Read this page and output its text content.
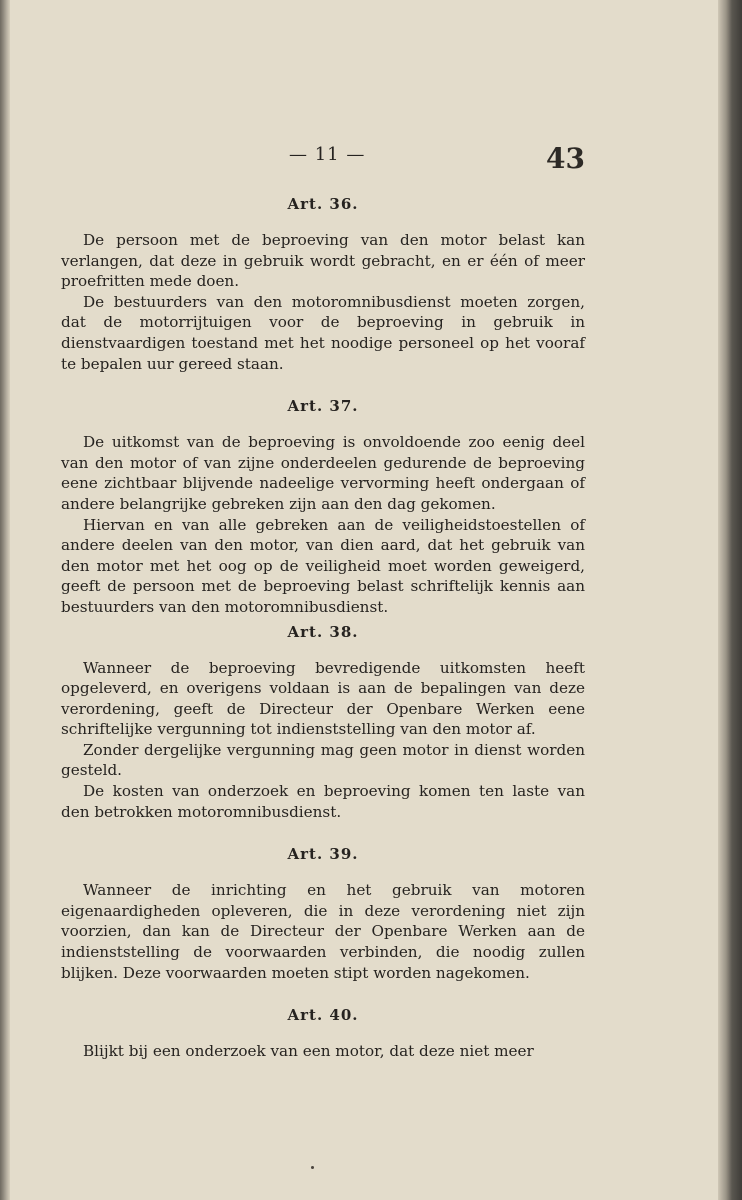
— 11 —	43
Art. 36.

De persoon met de beproeving van den motor belast kan verlangen, dat deze in gebruik wordt gebracht, en er één of meer proefritten mede doen.

De bestuurders van den motoromnibusdienst moeten zorgen, dat de motorrijtuigen voor de beproeving in gebruik in dienstvaardigen toestand met het noodige personeel op het vooraf te bepalen uur gereed staan.

Art. 37.

De uitkomst van de beproeving is onvoldoende zoo eenig deel van den motor of van zijne onderdeelen gedurende de beproeving eene zichtbaar blijvende nadeelige vervorming heeft ondergaan of andere belangrijke gebreken zijn aan den dag gekomen.

Hiervan en van alle gebreken aan de veiligheidstoestellen of andere deelen van den motor, van dien aard, dat het gebruik van den motor met het oog op de veiligheid moet worden geweigerd, geeft de persoon met de beproeving belast schriftelijk kennis aan bestuurders van den motoromnibusdienst.

Art. 38.

Wanneer de beproeving bevredigende uitkomsten heeft opgeleverd, en overigens voldaan is aan de bepalingen van deze verordening, geeft de Directeur der Openbare Werken eene schriftelijke vergunning tot indienststelling van den motor af.

Zonder dergelijke vergunning mag geen motor in dienst worden gesteld.

De kosten van onderzoek en beproeving komen ten laste van den betrokken motoromnibusdienst.

Art. 39.

Wanneer de inrichting en het gebruik van motoren eigenaardigheden opleveren, die in deze verordening niet zijn voorzien, dan kan de Directeur der Openbare Werken aan de indienststelling de voorwaarden verbinden, die noodig zullen blijken. Deze voorwaarden moeten stipt worden nagekomen.

Art. 40.

Blijkt bij een onderzoek van een motor, dat deze niet meer
